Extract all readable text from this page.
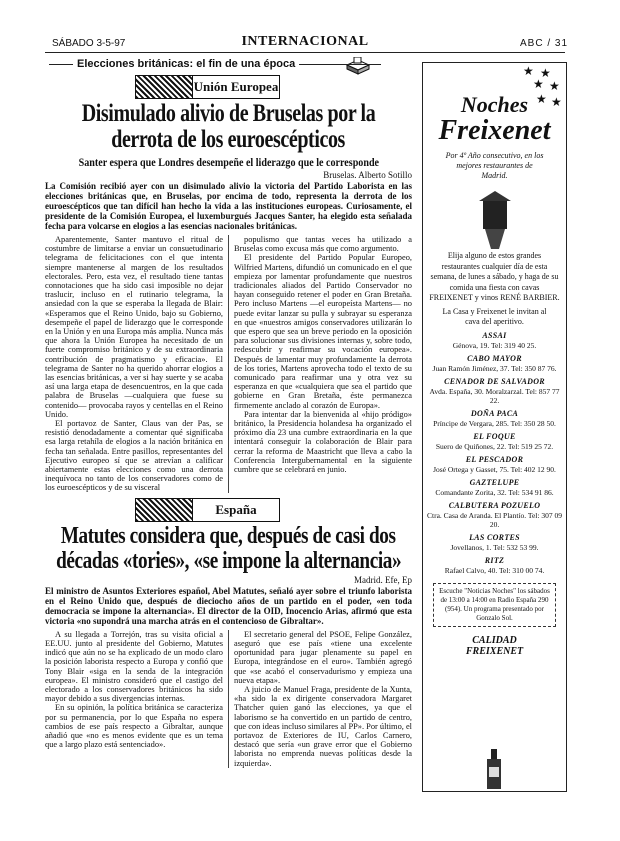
SÁBADO 3-5-97	INTERNACIONAL	ABC / 31
Elecciones británicas: el fin de una época
Unión Europea
Disimulado alivio de Bruselas por la
derrota de los euroescépticos
Santer espera que Londres desempeñe el liderazgo que le corresponde
Bruselas. Alberto Sotillo
La Comisión recibió ayer con un disimulado alivio la victoria del Partido Laborista en las elecciones británicas que, en Bruselas, por encima de todo, representa la derrota de los euroescépticos que tan difícil han hecho la vida a las instituciones europeas. Curiosamente, el presidente de la Comisión Europea, el luxemburgués Jacques Santer, ha elegido esta señalada fecha para volcarse en elogios a las esencias nacionales británicas.

Aparentemente, Santer mantuvo el ritual de costumbre de limitarse a enviar un consuetudinario telegrama de felicitaciones con el que intenta siempre mantenerse al margen de los resultados electorales. Pero, esta vez, el resultado tiene tantas connotaciones que ha sido casi imposible no dejar traslucir, incluso en el rutinario telegrama, la ansiedad con la que se esperaba la llegada de Blair: «Esperamos que el Reino Unido, bajo su Gobierno, desempeñe el papel de liderazgo que le corresponde en la Unión y en una Europa más amplia. Nunca más que ahora la Unión Europea ha necesitado de un fuerte compromiso británico y de su extraordinaria contribución de pragmatismo y eficacia». El telegrama de Santer no ha querido ahorrar elogios a las esencias británicas, a ver si hay suerte y se acaba así una larga etapa de desencuentros, en la que cada palabra de Bruselas —cualquiera que fuese su contenido— provocaba rayos y centellas en el Reino Unido.

El portavoz de Santer, Claus van der Pas, se resistió denodadamente a comentar qué significaba esa larga retahíla de elogios a la nación británica en fecha tan señalada. Entre pasillos, representantes del Ejecutivo europeo sí que se atrevían a calificar abiertamente estas elecciones como una derrota inequívoca no tanto de los conservadores como de los euroescépticos y de su visceral

populismo que tantas veces ha utilizado a Bruselas como excusa más que como argumento.

El presidente del Partido Popular Europeo, Wilfried Martens, difundió un comunicado en el que empieza por lamentar profundamente que nuestros tradicionales aliados del Partido Conservador no hayan conseguido retener el poder en Gran Bretaña. Pero incluso Martens —el europeísta Martens— no puede evitar lanzar su pulla y subrayar su esperanza en que «nuestros amigos conservadores utilizarán lo que espero que sea un breve periodo en la oposición para solucionar sus divisiones internas y, sobre todo, redescubrir y reafirmar su vocación europea». Después de lamentar muy profundamente la derrota de los tories, Martens aprovecha todo el texto de su comunicado para reafirmar una y otra vez su esperanza en que «cualquiera que sea el partido que gobierne en Gran Bretaña, éste permanezca firmemente anclado al corazón de Europa».

Para intentar dar la bienvenida al «hijo pródigo» británico, la Presidencia holandesa ha organizado el próximo día 23 una cumbre extraordinaria en la que intentará conseguir la colaboración de Blair para cerrar la reforma de Maastricht que lleva a cabo la Conferencia Intergubernamental en la siguiente cumbre que se celebrará en junio.

España
Matutes considera que, después de casi dos
décadas «tories», «se impone la alternancia»
Madrid. Efe, Ep
El ministro de Asuntos Exteriores español, Abel Matutes, señaló ayer sobre el triunfo laborista en el Reino Unido que, después de dieciocho años de un partido en el poder, «en toda democracia se impone la alternancia». El director de la OID, Inocencio Arias, afirmó que esta victoria «no supondrá una marcha atrás en el contencioso de Gibraltar».

A su llegada a Torrejón, tras su visita oficial a EE.UU. junto al presidente del Gobierno, Matutes indicó que aún no se ha explicado de un modo claro la posición laborista respecto a Europa y confió que Tony Blair «siga en la senda de la integración europea». El ministro consideró que el castigo del electorado a los conservadores británicos ha sido mayor debido a sus divergencias internas.

En su opinión, la política británica se caracteriza por su permanencia, por lo que España no espera cambios de ese país respecto a Gibraltar, aunque añadió que «no es menos evidente que es un tema que a largo plazo está sentenciado».

El secretario general del PSOE, Felipe González, aseguró que ese país «tiene una excelente oportunidad para jugar plenamente su papel en Europa, integrándose en el euro». También agregó que «se acabó el conservadurismo y empieza una nueva etapa».

A juicio de Manuel Fraga, presidente de la Xunta, «ha sido la ex dirigente conservadora Margaret Thatcher quien ganó las elecciones, ya que el laborismo se ha convertido en un partido de centro, que con ideas incluso similares al PP». Por último, el portavoz de Exteriores de IU, Carlos Carnero, destacó que sería «un grave error que el Gobierno laborista no emprenda nuevas políticas desde la izquierda».

★ ★
★ ★
★ ★
Noches
Freixenet
Por 4º Año consecutivo, en los mejores restaurantes de Madrid.
Elija alguno de estos grandes restaurantes cualquier día de esta semana, de lunes a sábado, y haga de su comida una fiesta con cavas FREIXENET y vinos RENÉ BARBIER.
La Casa y Freixenet le invitan al cava del aperitivo.
ASSAI
Génova, 19. Tel: 319 40 25.
CABO MAYOR
Juan Ramón Jiménez, 37. Tel: 350 87 76.
CENADOR DE SALVADOR
Avda. España, 30. Moralzarzal. Tel: 857 77 22.
DOÑA PACA
Príncipe de Vergara, 285. Tel: 350 28 50.
EL FOQUE
Suero de Quiñones, 22. Tel: 519 25 72.
EL PESCADOR
José Ortega y Gasset, 75. Tel: 402 12 90.
GAZTELUPE
Comandante Zorita, 32. Tel: 534 91 86.
CALBUTERA POZUELO
Ctra. Casa de Aranda. El Plantío. Tel: 307 09 20.
LAS CORTES
Jovellanos, 1. Tel: 532 53 99.
RITZ
Rafael Calvo, 40. Tel: 310 00 74.
Escuche "Noticias Noches" los sábados de 13:00 a 14:00 en Radio España 290 (954). Un programa presentado por Gonzalo Sol.
CALIDAD
FREIXENET
